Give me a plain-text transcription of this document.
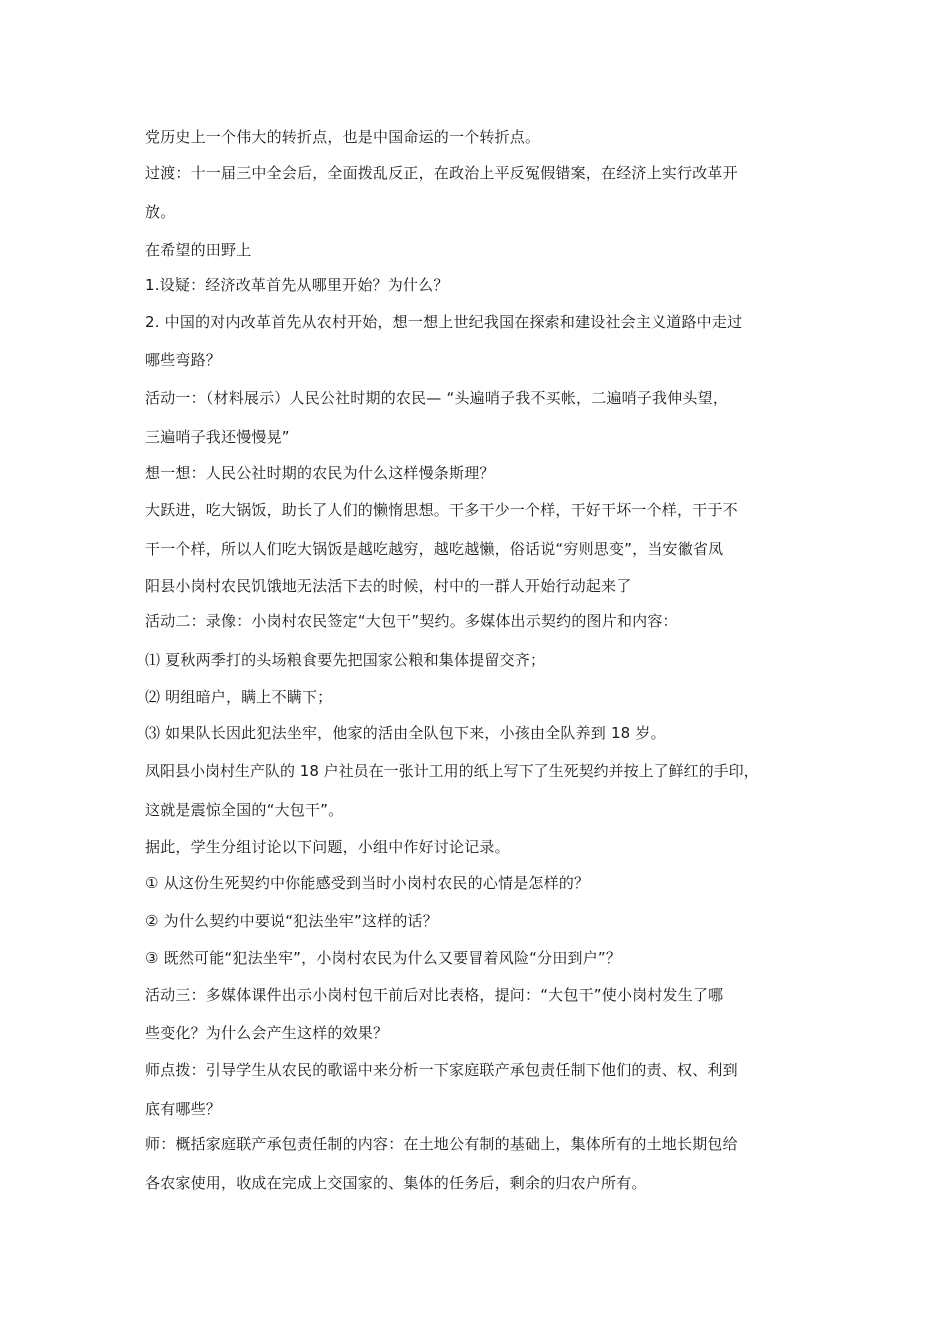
党历史上一个伟大的转折点，也是中国命运的一个转折点。
过渡：十一届三中全会后，全面拨乱反正，在政治上平反冤假错案，在经济上实行改革开
放。
在希望的田野上
1.设疑：经济改革首先从哪里开始？为什么？
2. 中国的对内改革首先从农村开始，想一想上世纪我国在探索和建设社会主义道路中走过
哪些弯路？
活动一：（材料展示）人民公社时期的农民— “头遍哨子我不买帐，二遍哨子我伸头望，
三遍哨子我还慢慢晃”
想一想：人民公社时期的农民为什么这样慢条斯理？
大跃进，吃大锅饭，助长了人们的懒惰思想。干多干少一个样，干好干坏一个样，干于不
干一个样，所以人们吃大锅饭是越吃越穷，越吃越懒，俗话说“穷则思变”，当安徽省凤
阳县小岗村农民饥饿地无法活下去的时候，村中的一群人开始行动起来了
活动二：录像：小岗村农民签定“大包干”契约。多媒体出示契约的图片和内容：
⑴ 夏秋两季打的头场粮食要先把国家公粮和集体提留交齐；
⑵ 明组暗户，瞒上不瞒下；
⑶ 如果队长因此犯法坐牢，他家的活由全队包下来，小孩由全队养到 18 岁。
凤阳县小岗村生产队的 18 户社员在一张计工用的纸上写下了生死契约并按上了鲜红的手印，
这就是震惊全国的“大包干”。
据此，学生分组讨论以下问题，小组中作好讨论记录。
① 从这份生死契约中你能感受到当时小岗村农民的心情是怎样的？
② 为什么契约中要说“犯法坐牢”这样的话？
③ 既然可能“犯法坐牢”，小岗村农民为什么又要冒着风险“分田到户”？
活动三：多媒体课件出示小岗村包干前后对比表格，提问：“大包干”使小岗村发生了哪
些变化？为什么会产生这样的效果？
师点拨：引导学生从农民的歌谣中来分析一下家庭联产承包责任制下他们的责、权、利到
底有哪些？
师：概括家庭联产承包责任制的内容：在土地公有制的基础上，集体所有的土地长期包给
各农家使用，收成在完成上交国家的、集体的任务后，剩余的归农户所有。
